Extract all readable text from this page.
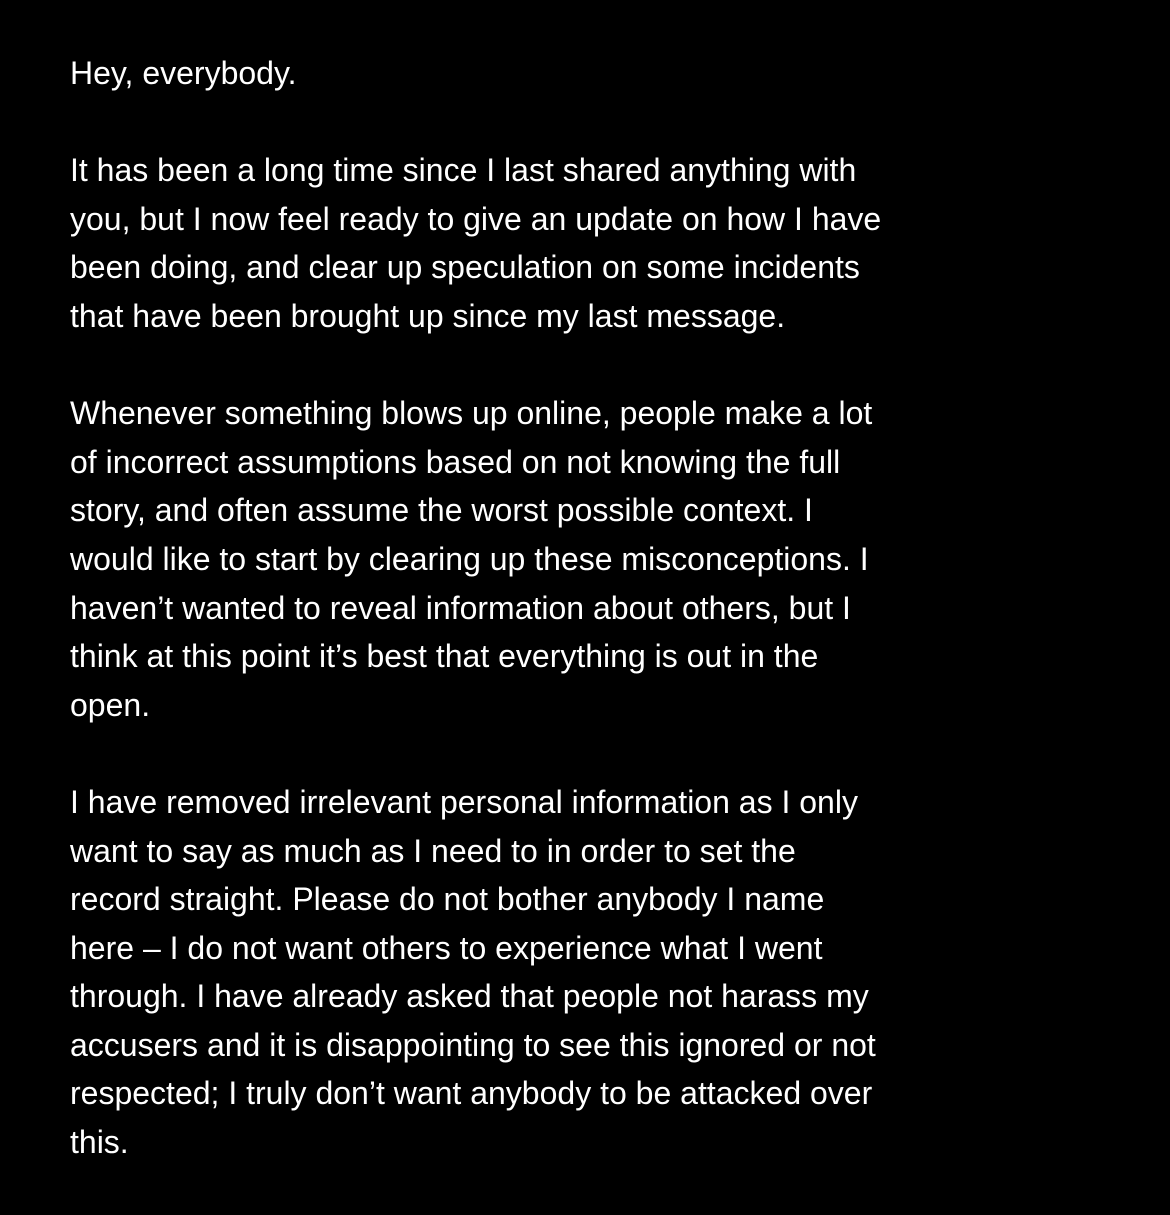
Hey, everybody.

It has been a long time since I last shared anything with
you, but I now feel ready to give an update on how I have
been doing, and clear up speculation on some incidents
that have been brought up since my last message.

Whenever something blows up online, people make a lot
of incorrect assumptions based on not knowing the full
story, and often assume the worst possible context. I
would like to start by clearing up these misconceptions. I
haven’t wanted to reveal information about others, but I
think at this point it’s best that everything is out in the
open.

I have removed irrelevant personal information as I only
want to say as much as I need to in order to set the
record straight. Please do not bother anybody I name
here – I do not want others to experience what I went
through. I have already asked that people not harass my
accusers and it is disappointing to see this ignored or not
respected; I truly don’t want anybody to be attacked over
this.
